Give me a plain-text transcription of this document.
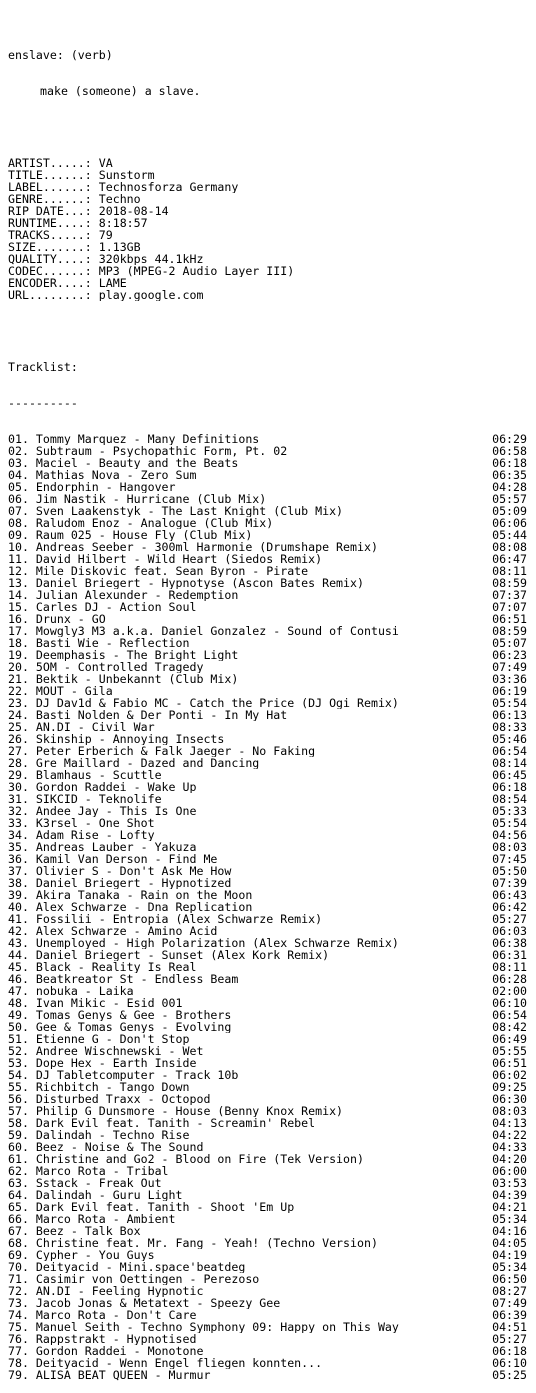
enslave: (verb)

make (someone) a slave.

ARTIST.....: VA
TITLE......: Sunstorm
LABEL......: Technosforza Germany
GENRE......: Techno
RIP DATE...: 2018-08-14
RUNTIME....: 8:18:57
TRACKS.....: 79
SIZE.......: 1.13GB
QUALITY....: 320kbps 44.1kHz
CODEC......: MP3 (MPEG-2 Audio Layer III)
ENCODER....: LAME
URL........: play.google.com

Tracklist:

----------

01. Tommy Marquez - Many Definitions	06:29
02. Subtraum - Psychopathic Form, Pt. 02	06:58
03. Maciel - Beauty and the Beats	06:18
04. Mathias Nova - Zero Sum	06:35
05. Endorphin - Hangover	04:28
06. Jim Nastik - Hurricane (Club Mix)	05:57
07. Sven Laakenstyk - The Last Knight (Club Mix)	05:09
08. Raludom Enoz - Analogue (Club Mix)	06:06
09. Raum 025 - House Fly (Club Mix)	05:44
10. Andreas Seeber - 300ml Harmonie (Drumshape Remix)	08:08
11. David Hilbert - Wild Heart (Siedos Remix)	06:47
12. Mile Diskovic feat. Sean Byron - Pirate	08:11
13. Daniel Briegert - Hypnotyse (Ascon Bates Remix)	08:59
14. Julian Alexunder - Redemption	07:37
15. Carles DJ - Action Soul	07:07
16. Drunx - GO	06:51
17. Mowgly3 M3 a.k.a. Daniel Gonzalez - Sound of Contusi	08:59
18. Basti Wie - Reflection	05:07
19. Deemphasis - The Bright Light	06:23
20. 5OM - Controlled Tragedy	07:49
21. Bektik - Unbekannt (Club Mix)	03:36
22. MOUT - Gila	06:19
23. DJ Dav1d & Fabio MC - Catch the Price (DJ Ogi Remix)	05:54
24. Basti Nolden & Der Ponti - In My Hat	06:13
25. AN.DI - Civil War	08:33
26. Skinship - Annoying Insects	05:46
27. Peter Erberich & Falk Jaeger - No Faking	06:54
28. Gre Maillard - Dazed and Dancing	08:14
29. Blamhaus - Scuttle	06:45
30. Gordon Raddei - Wake Up	06:18
31. SIKCID - Teknolife	08:54
32. Andee Jay - This Is One	05:33
33. K3rsel - One Shot	05:54
34. Adam Rise - Lofty	04:56
35. Andreas Lauber - Yakuza	08:03
36. Kamil Van Derson - Find Me	07:45
37. Olivier S - Don't Ask Me How	05:50
38. Daniel Briegert - Hypnotized	07:39
39. Akira Tanaka - Rain on the Moon	06:43
40. Alex Schwarze - Dna Replication	06:42
41. Fossilii - Entropia (Alex Schwarze Remix)	05:27
42. Alex Schwarze - Amino Acid	06:03
43. Unemployed - High Polarization (Alex Schwarze Remix)	06:38
44. Daniel Briegert - Sunset (Alex Kork Remix)	06:31
45. Black - Reality Is Real	08:11
46. Beatkreator St - Endless Beam	06:28
47. nobuka - Laika	02:00
48. Ivan Mikic - Esid 001	06:10
49. Tomas Genys & Gee - Brothers	06:54
50. Gee & Tomas Genys - Evolving	08:42
51. Etienne G - Don't Stop	06:49
52. Andree Wischnewski - Wet	05:55
53. Dope Hex - Earth Inside	06:51
54. DJ Tabletcomputer - Track 10b	06:02
55. Richbitch - Tango Down	09:25
56. Disturbed Traxx - Octopod	06:30
57. Philip G Dunsmore - House (Benny Knox Remix)	08:03
58. Dark Evil feat. Tanith - Screamin' Rebel	04:13
59. Dalindah - Techno Rise	04:22
60. Beez - Noise & The Sound	04:33
61. Christine and Go2 - Blood on Fire (Tek Version)	04:20
62. Marco Rota - Tribal	06:00
63. Sstack - Freak Out	03:53
64. Dalindah - Guru Light	04:39
65. Dark Evil feat. Tanith - Shoot 'Em Up	04:21
66. Marco Rota - Ambient	05:34
67. Beez - Talk Box	04:16
68. Christine feat. Mr. Fang - Yeah! (Techno Version)	04:05
69. Cypher - You Guys	04:19
70. Deityacid - Mini.space'beatdeg	05:34
71. Casimir von Oettingen - Perezoso	06:50
72. AN.DI - Feeling Hypnotic	08:27
73. Jacob Jonas & Metatext - Speezy Gee	07:49
74. Marco Rota - Don't Care	06:39
75. Manuel Seith - Techno Symphony 09: Happy on This Way	04:51
76. Rappstrakt - Hypnotised	05:27
77. Gordon Raddei - Monotone	06:18
78. Deityacid - Wenn Engel fliegen konnten...	06:10
79. ALISA BEAT QUEEN - Murmur	05:25
